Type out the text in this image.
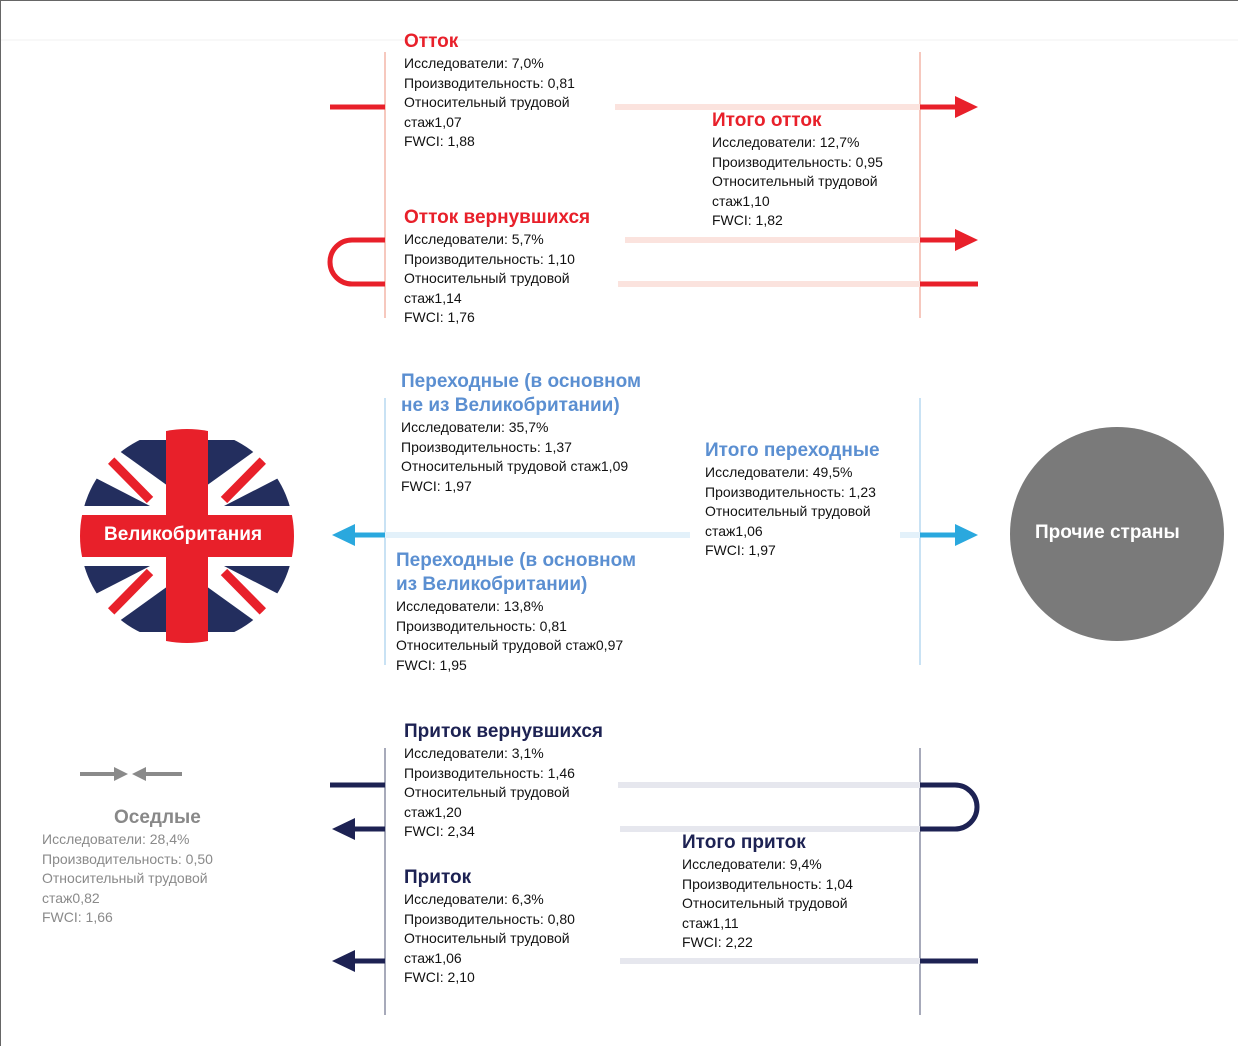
Великобритания	Прочие страны
Отток
Исследователи: 7,0%
Производительность: 0,81
Относительный трудовой
стаж1,07
FWCI: 1,88
Итого отток
Исследователи: 12,7%
Производительность: 0,95
Относительный трудовой
стаж1,10
FWCI: 1,82
Отток вернувшихся
Исследователи: 5,7%
Производительность: 1,10
Относительный трудовой
стаж1,14
FWCI: 1,76
Переходные (в основном
не из Великобритании)
Исследователи: 35,7%
Производительность: 1,37
Относительный трудовой стаж1,09
FWCI: 1,97
Итого переходные
Исследователи: 49,5%
Производительность: 1,23
Относительный трудовой
стаж1,06
FWCI: 1,97
Переходные (в основном
из Великобритании)
Исследователи: 13,8%
Производительность: 0,81
Относительный трудовой стаж0,97
FWCI: 1,95
Приток вернувшихся
Исследователи: 3,1%
Производительность: 1,46
Относительный трудовой
стаж1,20
FWCI: 2,34
Итого приток
Исследователи: 9,4%
Производительность: 1,04
Относительный трудовой
стаж1,11
FWCI: 2,22
Приток
Исследователи: 6,3%
Производительность: 0,80
Относительный трудовой
стаж1,06
FWCI: 2,10
Оседлые
Исследователи: 28,4%
Производительность: 0,50
Относительный трудовой
стаж0,82
FWCI: 1,66
